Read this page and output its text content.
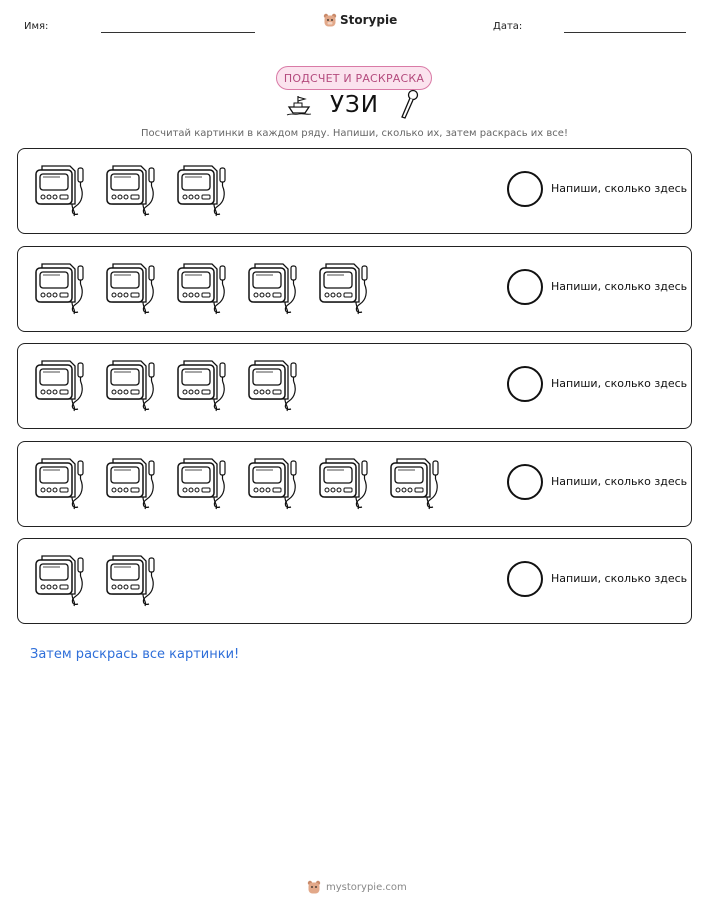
Имя:	Storypie	Дата:
ПОДСЧЕТ И РАСКРАСКА
УЗИ
Посчитай картинки в каждом ряду. Напиши, сколько их, затем раскрась их все!
Напиши, сколько здесь
Напиши, сколько здесь
Напиши, сколько здесь
Напиши, сколько здесь
Напиши, сколько здесь
Затем раскрась все картинки!
mystorypie.com
